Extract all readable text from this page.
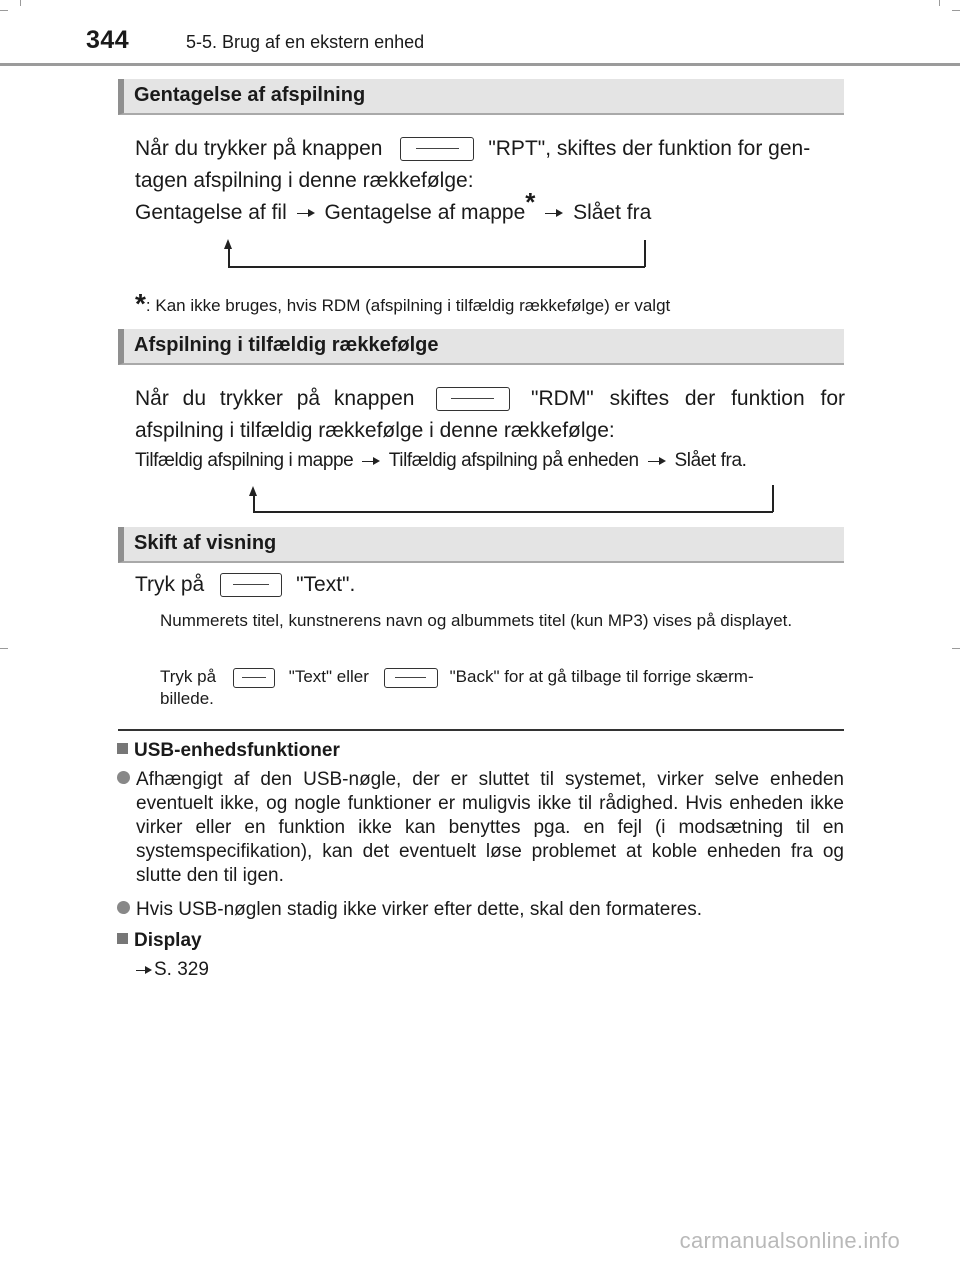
344	5-5. Brug af en ekstern enhed
Gentagelse af afspilning
Når du trykker på knappen	"RPT", skiftes der funktion for gen-
tagen afspilning i denne rækkefølge:
Gentagelse af fil Gentagelse af mappe* Slået fra
*: Kan ikke bruges, hvis RDM (afspilning i tilfældig rækkefølge) er valgt
Afspilning i tilfældig rækkefølge
Når du trykker på knappen	"RDM" skiftes der funktion for
afspilning i tilfældig rækkefølge i denne rækkefølge:
Tilfældig afspilning i mappe Tilfældig afspilning på enheden Slået fra.
Skift af visning
Tryk på	"Text".
Nummerets titel, kunstnerens navn og albummets titel (kun MP3) vises på displayet.
Tryk på	"Text" eller	"Back" for at gå tilbage til forrige skærm-
billede.
USB-enhedsfunktioner
Afhængigt af den USB-nøgle, der er sluttet til systemet, virker selve enheden eventuelt ikke, og nogle funktioner er muligvis ikke til rådighed. Hvis enheden ikke virker eller en funktion ikke kan benyttes pga. en fejl (i modsætning til en systemspecifikation), kan det eventuelt løse problemet at koble enheden fra og slutte den til igen.
Hvis USB-nøglen stadig ikke virker efter dette, skal den formateres.
Display
S. 329
carmanualsonline.info
